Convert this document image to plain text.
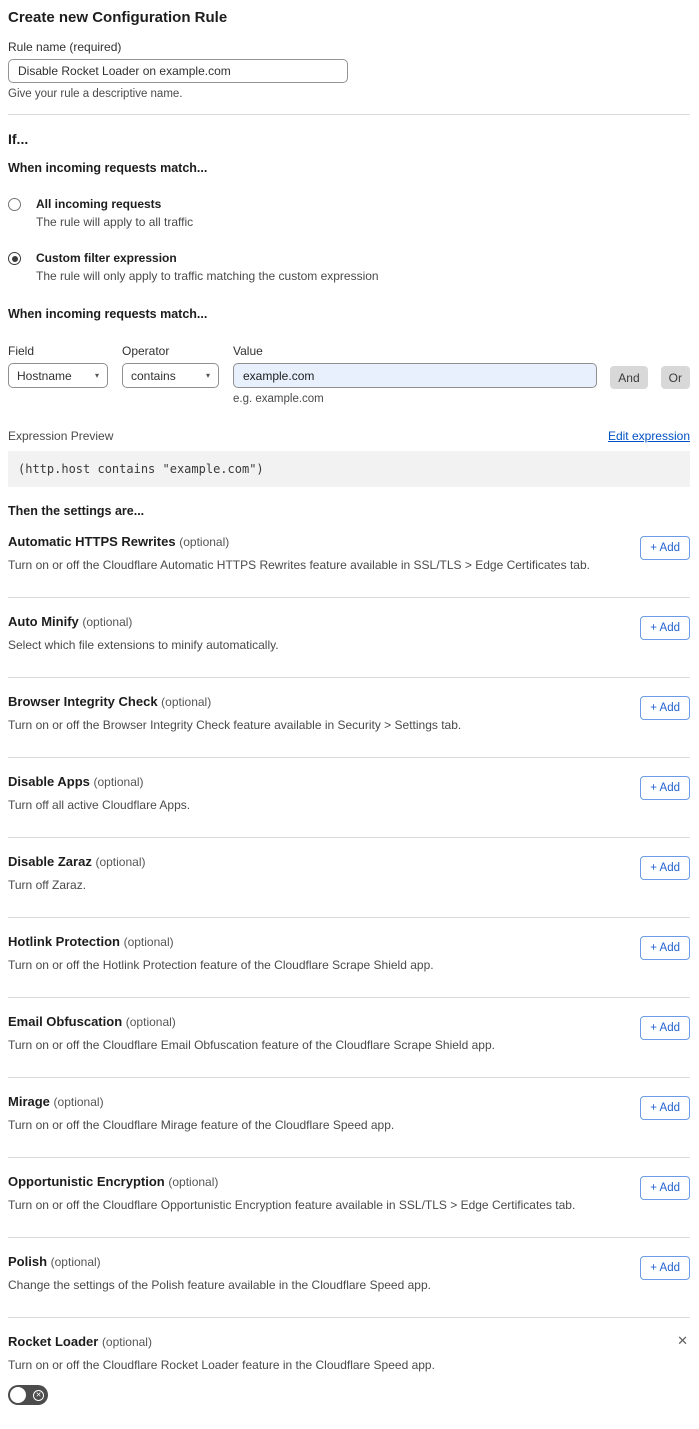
Create new Configuration Rule
Rule name (required)
Disable Rocket Loader on example.com
Give your rule a descriptive name.
If...
When incoming requests match...
All incoming requests
The rule will apply to all traffic
Custom filter expression
The rule will only apply to traffic matching the custom expression
When incoming requests match...
Field
Hostname	▾
Operator
contains	▾
Value
example.com
e.g. example.com
And	Or
Expression Preview	Edit expression
(http.host contains "example.com")
Then the settings are...
Automatic HTTPS Rewrites (optional)
Turn on or off the Cloudflare Automatic HTTPS Rewrites feature available in SSL/TLS > Edge Certificates tab.
+ Add
Auto Minify (optional)
Select which file extensions to minify automatically.
+ Add
Browser Integrity Check (optional)
Turn on or off the Browser Integrity Check feature available in Security > Settings tab.
+ Add
Disable Apps (optional)
Turn off all active Cloudflare Apps.
+ Add
Disable Zaraz (optional)
Turn off Zaraz.
+ Add
Hotlink Protection (optional)
Turn on or off the Hotlink Protection feature of the Cloudflare Scrape Shield app.
+ Add
Email Obfuscation (optional)
Turn on or off the Cloudflare Email Obfuscation feature of the Cloudflare Scrape Shield app.
+ Add
Mirage (optional)
Turn on or off the Cloudflare Mirage feature of the Cloudflare Speed app.
+ Add
Opportunistic Encryption (optional)
Turn on or off the Cloudflare Opportunistic Encryption feature available in SSL/TLS > Edge Certificates tab.
+ Add
Polish (optional)
Change the settings of the Polish feature available in the Cloudflare Speed app.
+ Add
Rocket Loader (optional)
Turn on or off the Cloudflare Rocket Loader feature in the Cloudflare Speed app.
✕
✕
